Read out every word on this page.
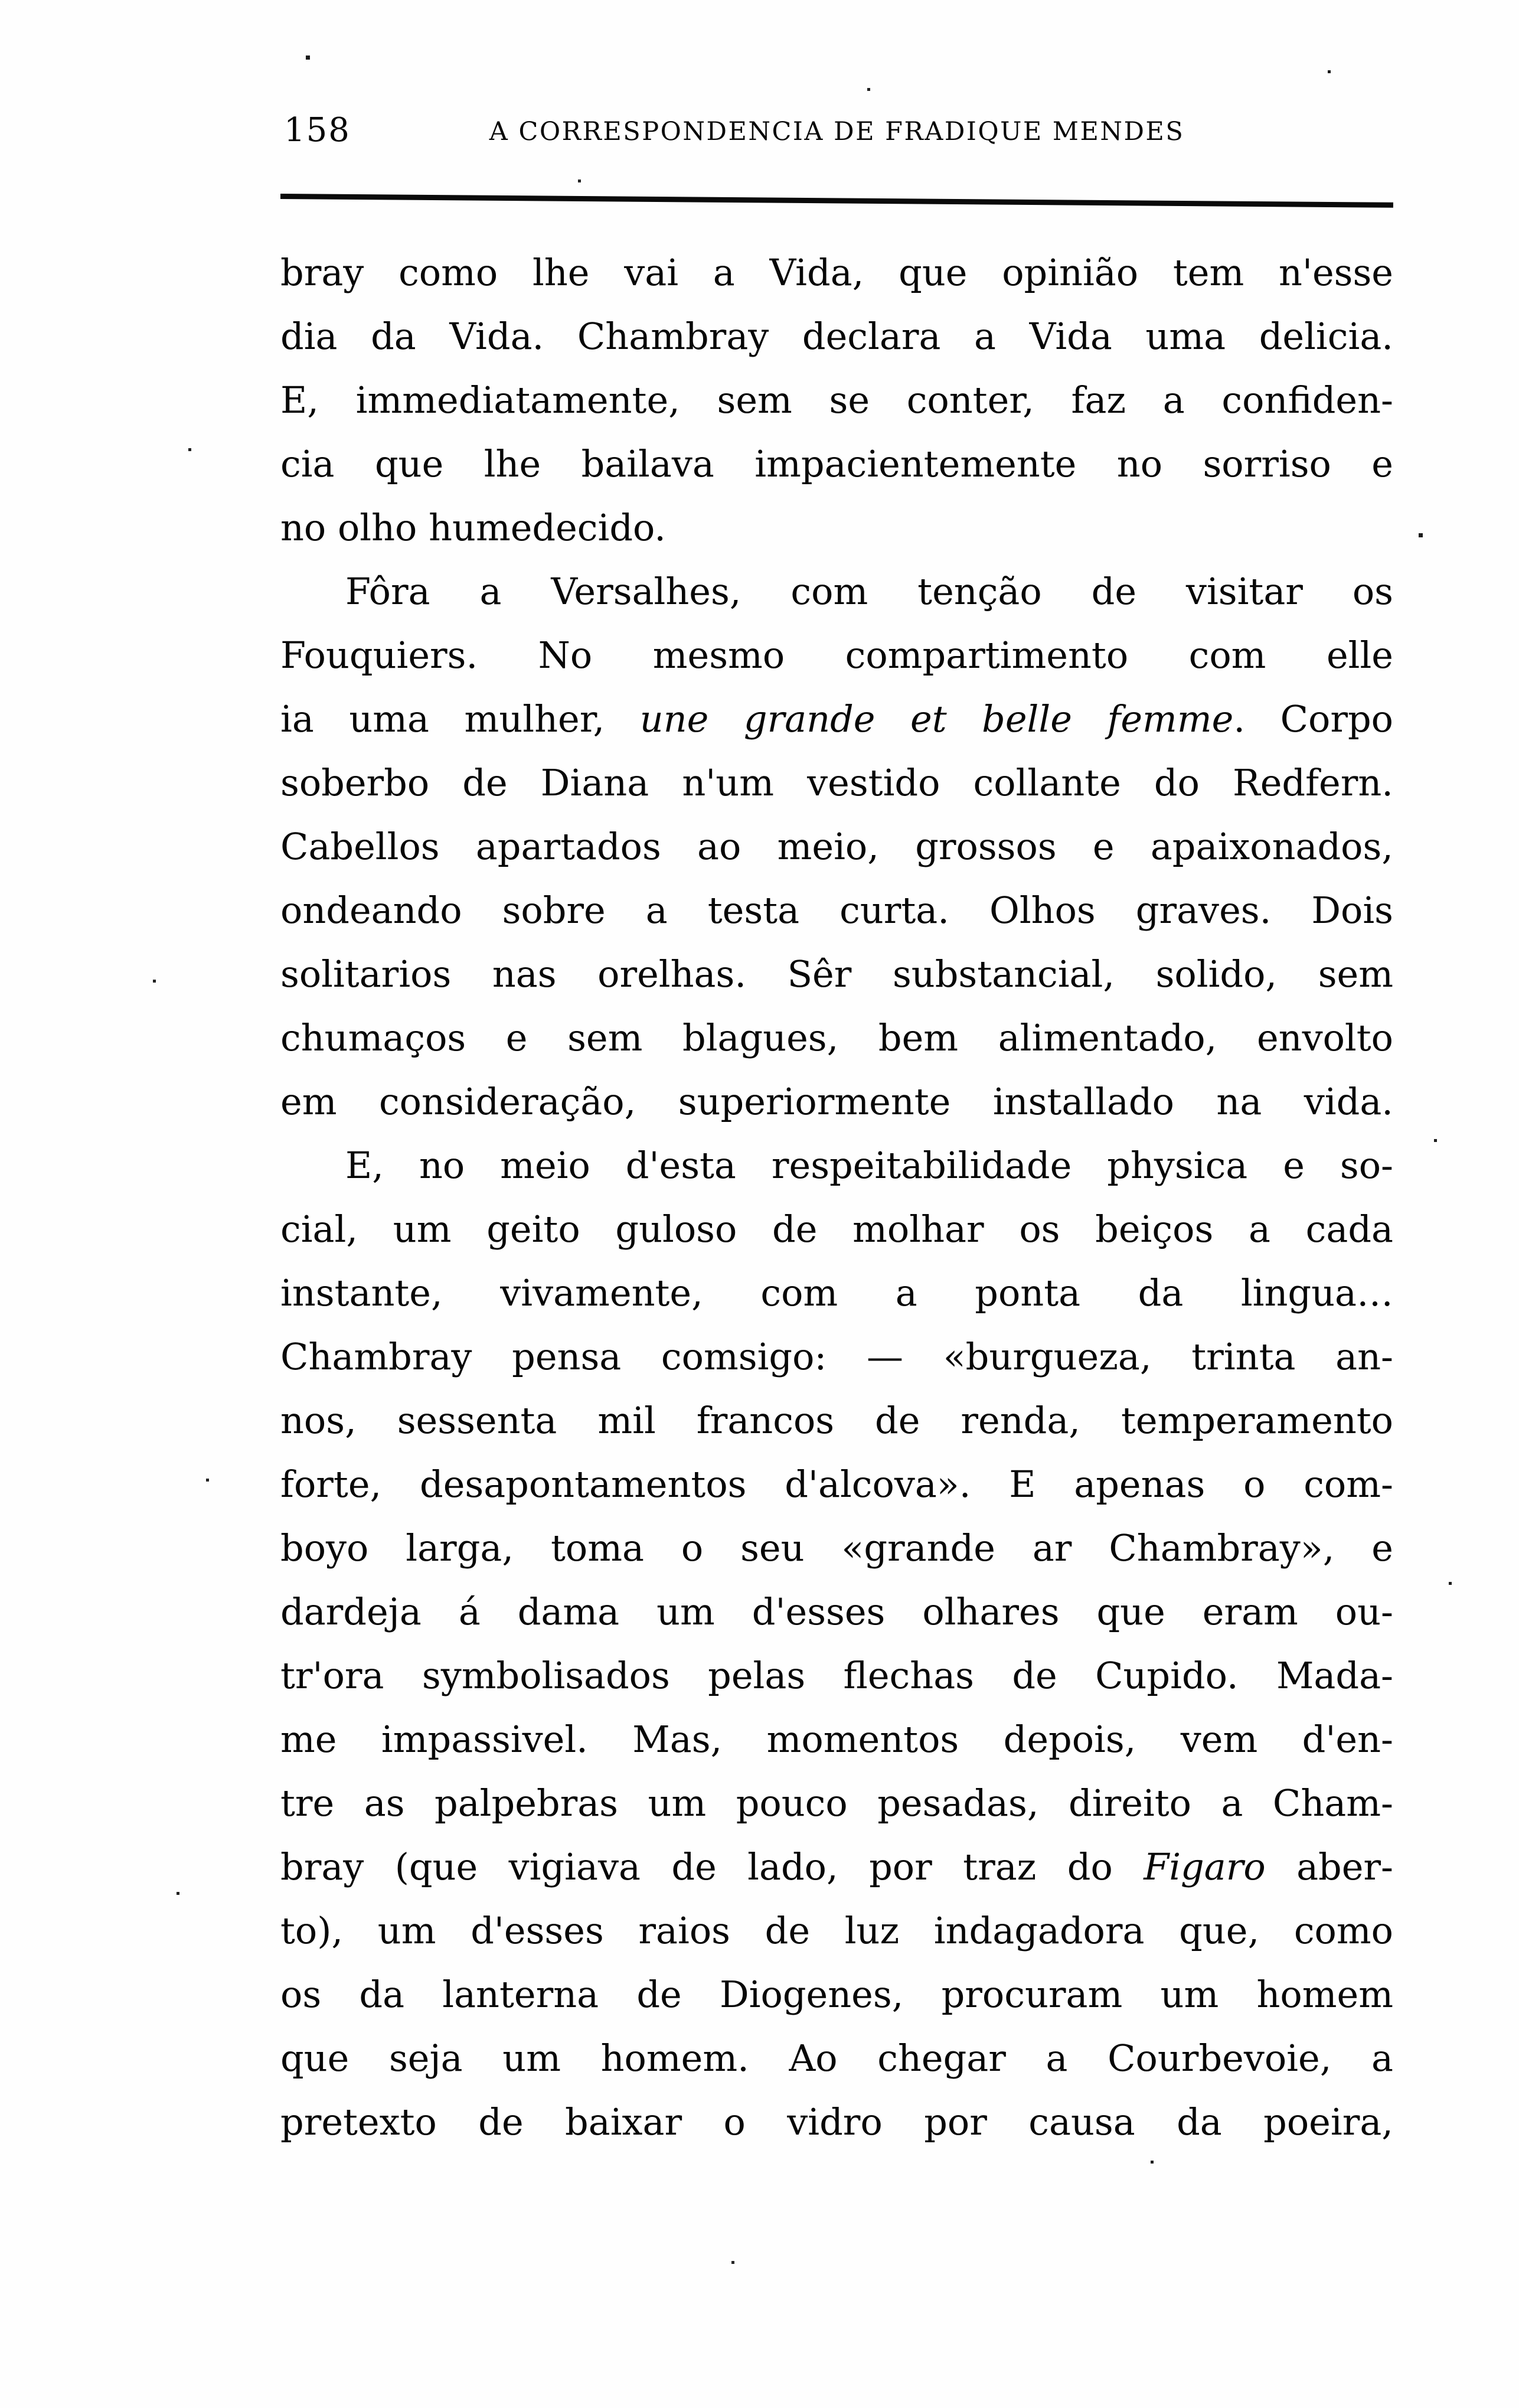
158	A CORRESPONDENCIA DE FRADIQUE MENDES
bray como lhe vai a Vida, que opinião tem n'esse
dia da Vida. Chambray declara a Vida uma delicia.
E, immediatamente, sem se conter, faz a confiden-
cia que lhe bailava impacientemente no sorriso e
no olho humedecido.
Fôra a Versalhes, com tenção de visitar os
Fouquiers. No mesmo compartimento com elle
ia uma mulher, une grande et belle femme. Corpo
soberbo de Diana n'um vestido collante do Redfern.
Cabellos apartados ao meio, grossos e apaixonados,
ondeando sobre a testa curta. Olhos graves. Dois
solitarios nas orelhas. Sêr substancial, solido, sem
chumaços e sem blagues, bem alimentado, envolto
em consideração, superiormente installado na vida.
E, no meio d'esta respeitabilidade physica e so-
cial, um geito guloso de molhar os beiços a cada
instante, vivamente, com a ponta da lingua…
Chambray pensa comsigo: — «burgueza, trinta an-
nos, sessenta mil francos de renda, temperamento
forte, desapontamentos d'alcova». E apenas o com-
boyo larga, toma o seu «grande ar Chambray», e
dardeja á dama um d'esses olhares que eram ou-
tr'ora symbolisados pelas flechas de Cupido. Mada-
me impassivel. Mas, momentos depois, vem d'en-
tre as palpebras um pouco pesadas, direito a Cham-
bray (que vigiava de lado, por traz do Figaro aber-
to), um d'esses raios de luz indagadora que, como
os da lanterna de Diogenes, procuram um homem
que seja um homem. Ao chegar a Courbevoie, a
pretexto de baixar o vidro por causa da poeira,
